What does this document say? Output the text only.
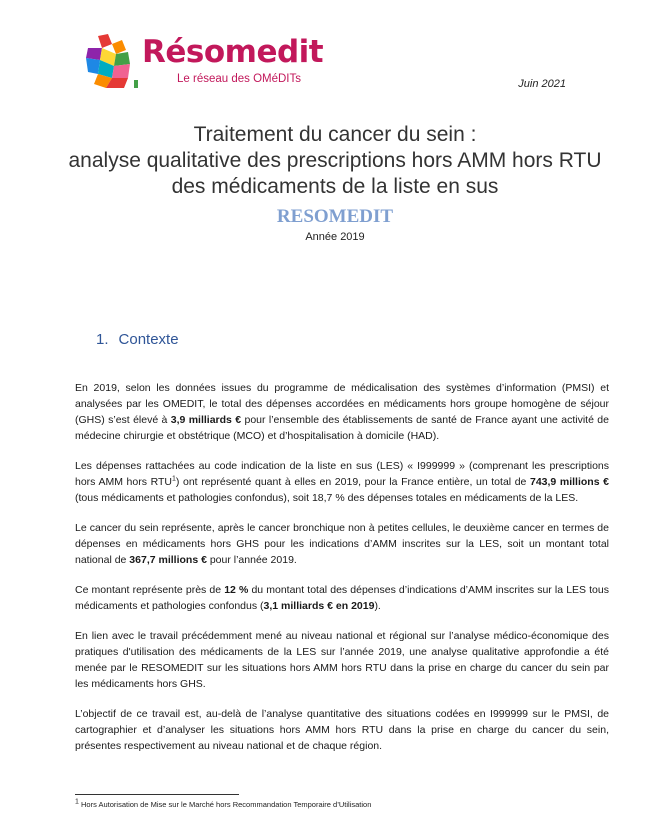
Résomedit
Le réseau des OMéDITs	Juin 2021
Traitement du cancer du sein :
analyse qualitative des prescriptions hors AMM hors RTU
des médicaments de la liste en sus
RESOMEDIT
Année 2019
1. Contexte

En 2019, selon les données issues du programme de médicalisation des systèmes d’information (PMSI) et analysées par les OMEDIT, le total des dépenses accordées en médicaments hors groupe homogène de séjour (GHS) s’est élevé à 3,9 milliards € pour l’ensemble des établissements de santé de France ayant une activité de médecine chirurgie et obstétrique (MCO) et d’hospitalisation à domicile (HAD).

Les dépenses rattachées au code indication de la liste en sus (LES) « I999999 » (comprenant les prescriptions hors AMM hors RTU$^1$) ont représenté quant à elles en 2019, pour la France entière, un total de 743,9 millions € (tous médicaments et pathologies confondus), soit 18,7 % des dépenses totales en médicaments de la LES.

Le cancer du sein représente, après le cancer bronchique non à petites cellules, le deuxième cancer en termes de dépenses en médicaments hors GHS pour les indications d’AMM inscrites sur la LES, soit un montant total national de 367,7 millions € pour l’année 2019.

Ce montant représente près de 12 % du montant total des dépenses d’indications d’AMM inscrites sur la LES tous médicaments et pathologies confondus (3,1 milliards € en 2019).

En lien avec le travail précédemment mené au niveau national et régional sur l’analyse médico-économique des pratiques d'utilisation des médicaments de la LES sur l’année 2019, une analyse qualitative approfondie a été menée par le RESOMEDIT sur les situations hors AMM hors RTU dans la prise en charge du cancer du sein par les médicaments hors GHS.

L’objectif de ce travail est, au-delà de l’analyse quantitative des situations codées en I999999 sur le PMSI, de cartographier et d’analyser les situations hors AMM hors RTU dans la prise en charge du cancer du sein, présentes respectivement au niveau national et de chaque région.

$^1$ Hors Autorisation de Mise sur le Marché hors Recommandation Temporaire d’Utilisation
